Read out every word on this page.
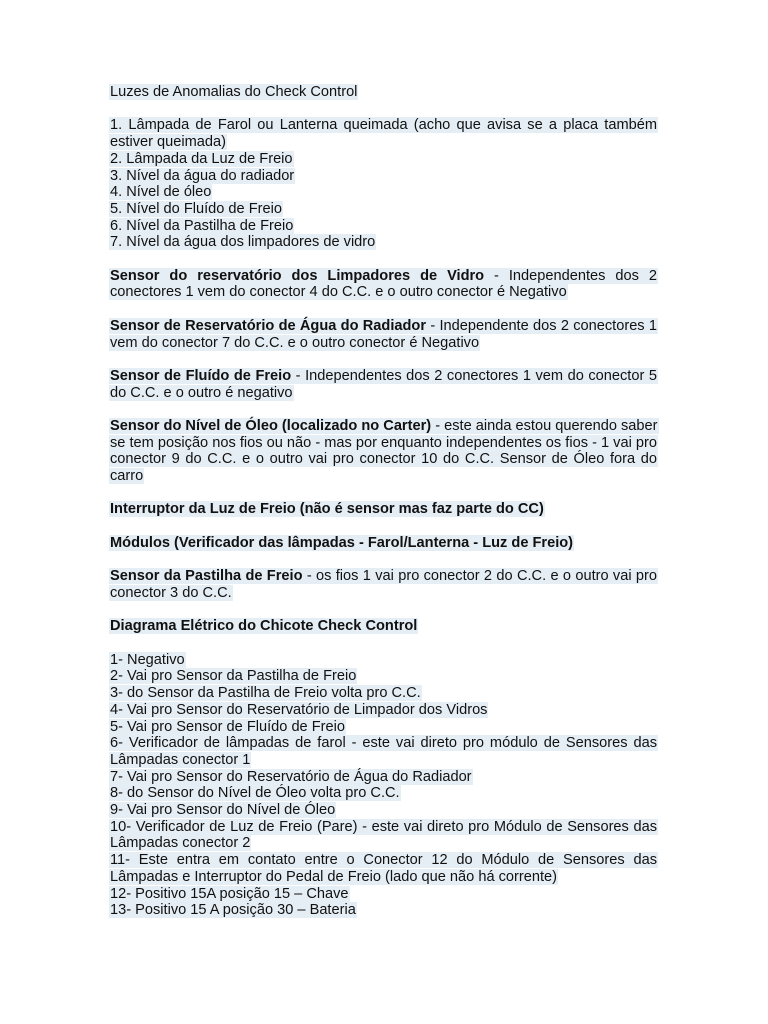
Luzes de Anomalias do Check Control

1. Lâmpada de Farol ou Lanterna queimada (acho que avisa se a placa também estiver queimada)

2. Lâmpada da Luz de Freio

3. Nível da água do radiador

4. Nível de óleo

5. Nível do Fluído de Freio

6. Nível da Pastilha de Freio

7. Nível da água dos limpadores de vidro

Sensor do reservatório dos Limpadores de Vidro - Independentes dos 2 conectores 1 vem do conector 4 do C.C. e o outro conector é Negativo

Sensor de Reservatório de Água do Radiador - Independente dos 2 conectores 1 vem do conector 7 do C.C. e o outro conector é Negativo

Sensor de Fluído de Freio - Independentes dos 2 conectores 1 vem do conector 5 do C.C. e o outro é negativo

Sensor do Nível de Óleo (localizado no Carter) - este ainda estou querendo saber se tem posição nos fios ou não - mas por enquanto independentes os fios - 1 vai pro conector 9 do C.C. e o outro vai pro conector 10 do C.C. Sensor de Óleo fora do carro

Interruptor da Luz de Freio (não é sensor mas faz parte do CC)

Módulos (Verificador das lâmpadas - Farol/Lanterna - Luz de Freio)

Sensor da Pastilha de Freio - os fios 1 vai pro conector 2 do C.C. e o outro vai pro conector 3 do C.C.

Diagrama Elétrico do Chicote Check Control

1- Negativo

2- Vai pro Sensor da Pastilha de Freio

3- do Sensor da Pastilha de Freio volta pro C.C.

4- Vai pro Sensor do Reservatório de Limpador dos Vidros

5- Vai pro Sensor de Fluído de Freio

6- Verificador de lâmpadas de farol - este vai direto pro módulo de Sensores das Lâmpadas conector 1

7- Vai pro Sensor do Reservatório de Água do Radiador

8- do Sensor do Nível de Óleo volta pro C.C.

9- Vai pro Sensor do Nível de Óleo

10- Verificador de Luz de Freio (Pare) - este vai direto pro Módulo de Sensores das Lâmpadas conector 2

11- Este entra em contato entre o Conector 12 do Módulo de Sensores das Lâmpadas e Interruptor do Pedal de Freio (lado que não há corrente)

12- Positivo 15A posição 15 – Chave

13- Positivo 15 A posição 30 – Bateria
